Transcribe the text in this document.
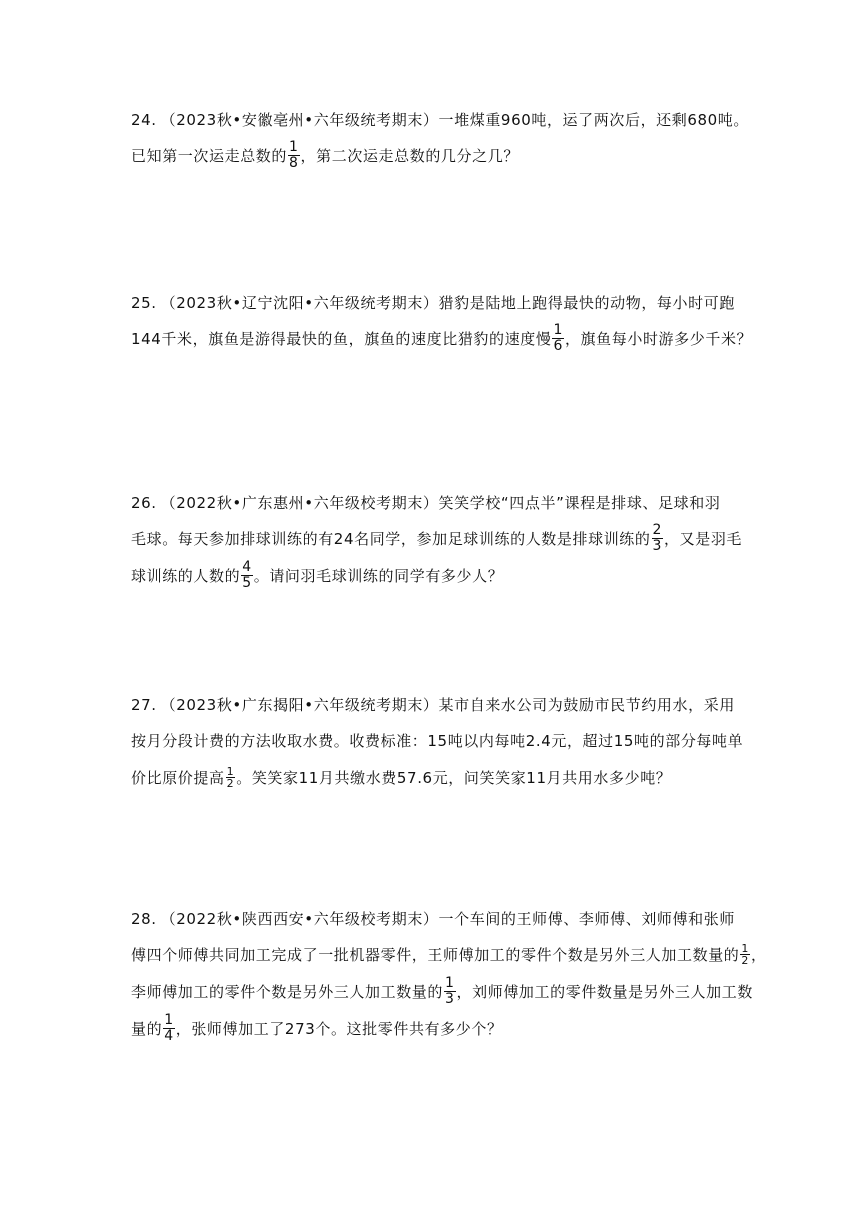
24. （2023秋•安徽亳州•六年级统考期末）一堆煤重960吨，运了两次后，还剩680吨。
已知第一次运走总数的 $\frac{1}{8}$ ，第二次运走总数的几分之几？
25. （2023秋•辽宁沈阳•六年级统考期末）猎豹是陆地上跑得最快的动物，每小时可跑
144千米，旗鱼是游得最快的鱼，旗鱼的速度比猎豹的速度慢 $\frac{1}{6}$ ，旗鱼每小时游多少千米？
26. （2022秋•广东惠州•六年级校考期末）笑笑学校“四点半”课程是排球、足球和羽
毛球。每天参加排球训练的有24名同学，参加足球训练的人数是排球训练的 $\frac{2}{3}$ ，又是羽毛
球训练的人数的 $\frac{4}{5}$ 。请问羽毛球训练的同学有多少人？
27. （2023秋•广东揭阳•六年级统考期末）某市自来水公司为鼓励市民节约用水，采用
按月分段计费的方法收取水费。收费标准：15吨以内每吨2.4元，超过15吨的部分每吨单
价比原价提高 $\frac{1}{2}$ 。笑笑家11月共缴水费57.6元，问笑笑家11月共用水多少吨？
28. （2022秋•陕西西安•六年级校考期末）一个车间的王师傅、李师傅、刘师傅和张师
傅四个师傅共同加工完成了一批机器零件，王师傅加工的零件个数是另外三人加工数量的 $\frac{1}{2}$ ，
李师傅加工的零件个数是另外三人加工数量的 $\frac{1}{3}$ ，刘师傅加工的零件数量是另外三人加工数
量的 $\frac{1}{4}$ ，张师傅加工了273个。这批零件共有多少个？
